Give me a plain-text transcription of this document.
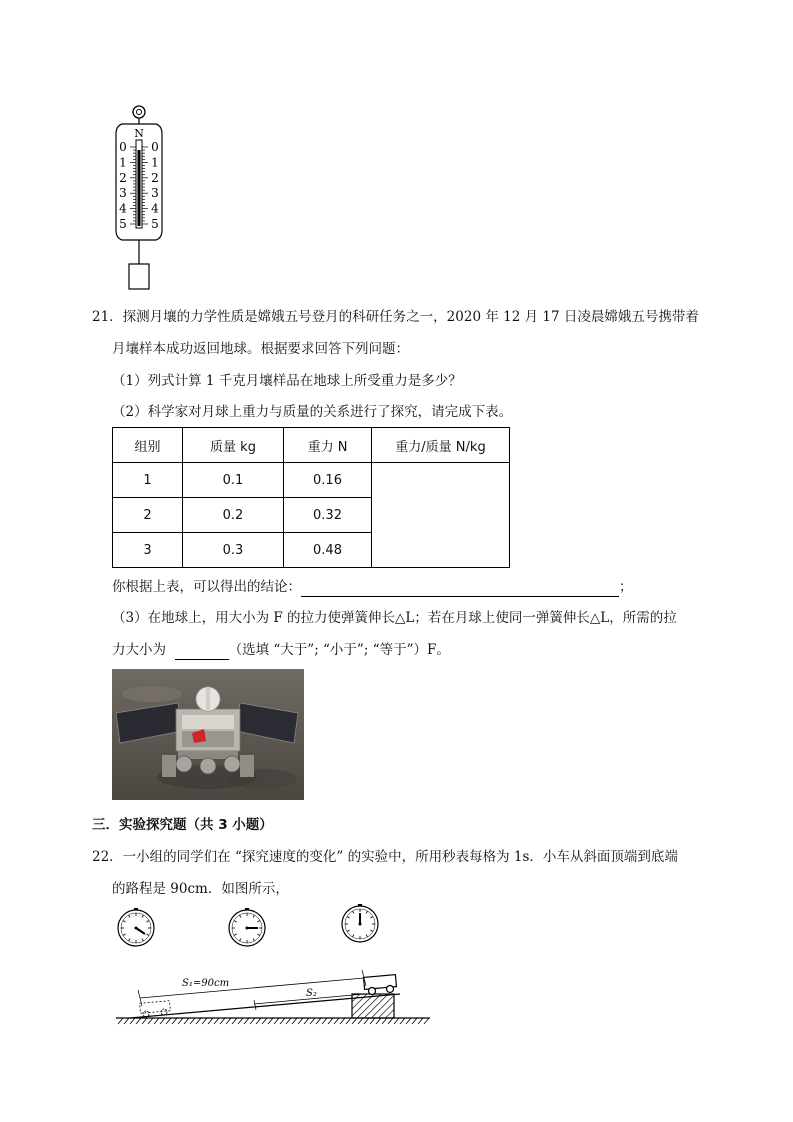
N
0 0
1 1
2 2
3 3
4 4
5 5
21．探测月壤的力学性质是嫦娥五号登月的科研任务之一，2020 年 12 月 17 日凌晨嫦娥五号携带着
月壤样本成功返回地球。根据要求回答下列问题：
（1）列式计算 1 千克月壤样品在地球上所受重力是多少？
（2）科学家对月球上重力与质量的关系进行了探究，请完成下表。
组别	质量 kg	重力 N	重力/质量 N/kg
1	0.1	0.16	
2	0.2	0.32	
3	0.3	0.48	
你根据上表，可以得出的结论：	；
（3）在地球上，用大小为 F 的拉力使弹簧伸长△L；若在月球上使同一弹簧伸长△L，所需的拉
力大小为	（选填 “大于”; “小于”; “等于”）F。
三．实验探究题（共 3 小题）
22．一小组的同学们在 “探究速度的变化” 的实验中，所用秒表每格为 1s．小车从斜面顶端到底端
的路程是 90cm．如图所示，
S₁=90cm
S₂
